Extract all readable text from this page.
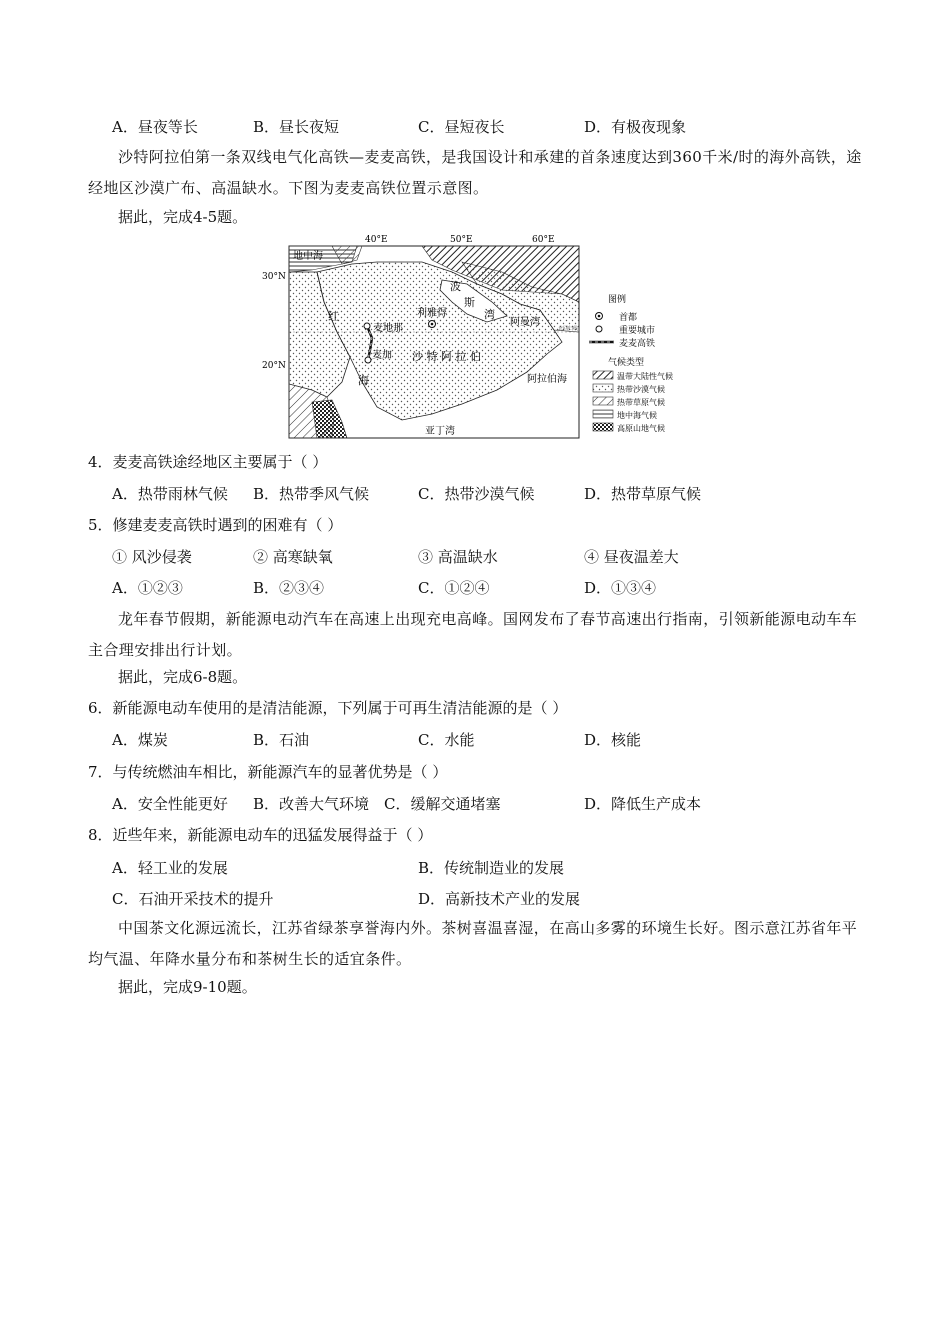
A．昼夜等长	B．昼长夜短	C．昼短夜长	D．有极夜现象
沙特阿拉伯第一条双线电气化高铁—麦麦高铁，是我国设计和承建的首条速度达到360千米/时的海外高铁，途经地区沙漠广布、高温缺水。下图为麦麦高铁位置示意图。
据此，完成4-5题。
40°E	50°E	60°E
30°N
20°N
北回归线
地中海
红
海
麦地那
麦加
利雅得
波
斯
湾
阿曼湾
沙 特 阿 拉 伯
阿拉伯海
亚丁湾
图例
首都
重要城市
麦麦高铁
气候类型
温带大陆性气候
热带沙漠气候
热带草原气候
地中海气候
高原山地气候
4．麦麦高铁途经地区主要属于（ ）
A．热带雨林气候 B．热带季风气候	C．热带沙漠气候	D．热带草原气候
5．修建麦麦高铁时遇到的困难有（ ）
① 风沙侵袭	② 高寒缺氧	③ 高温缺水	④ 昼夜温差大
A．①②③	B．②③④	C．①②④	D．①③④
龙年春节假期，新能源电动汽车在高速上出现充电高峰。国网发布了春节高速出行指南，引领新能源电动车车主合理安排出行计划。
据此，完成6-8题。
6．新能源电动车使用的是清洁能源，下列属于可再生清洁能源的是（ ）
A．煤炭	B．石油	C．水能	D．核能
7．与传统燃油车相比，新能源汽车的显著优势是（ ）
A．安全性能更好 B．改善大气环境 C．缓解交通堵塞	D．降低生产成本
8．近些年来，新能源电动车的迅猛发展得益于（ ）
A．轻工业的发展	B．传统制造业的发展
C．石油开采技术的提升	D．高新技术产业的发展
中国茶文化源远流长，江苏省绿茶享誉海内外。茶树喜温喜湿，在高山多雾的环境生长好。图示意江苏省年平均气温、年降水量分布和茶树生长的适宜条件。
据此，完成9-10题。
